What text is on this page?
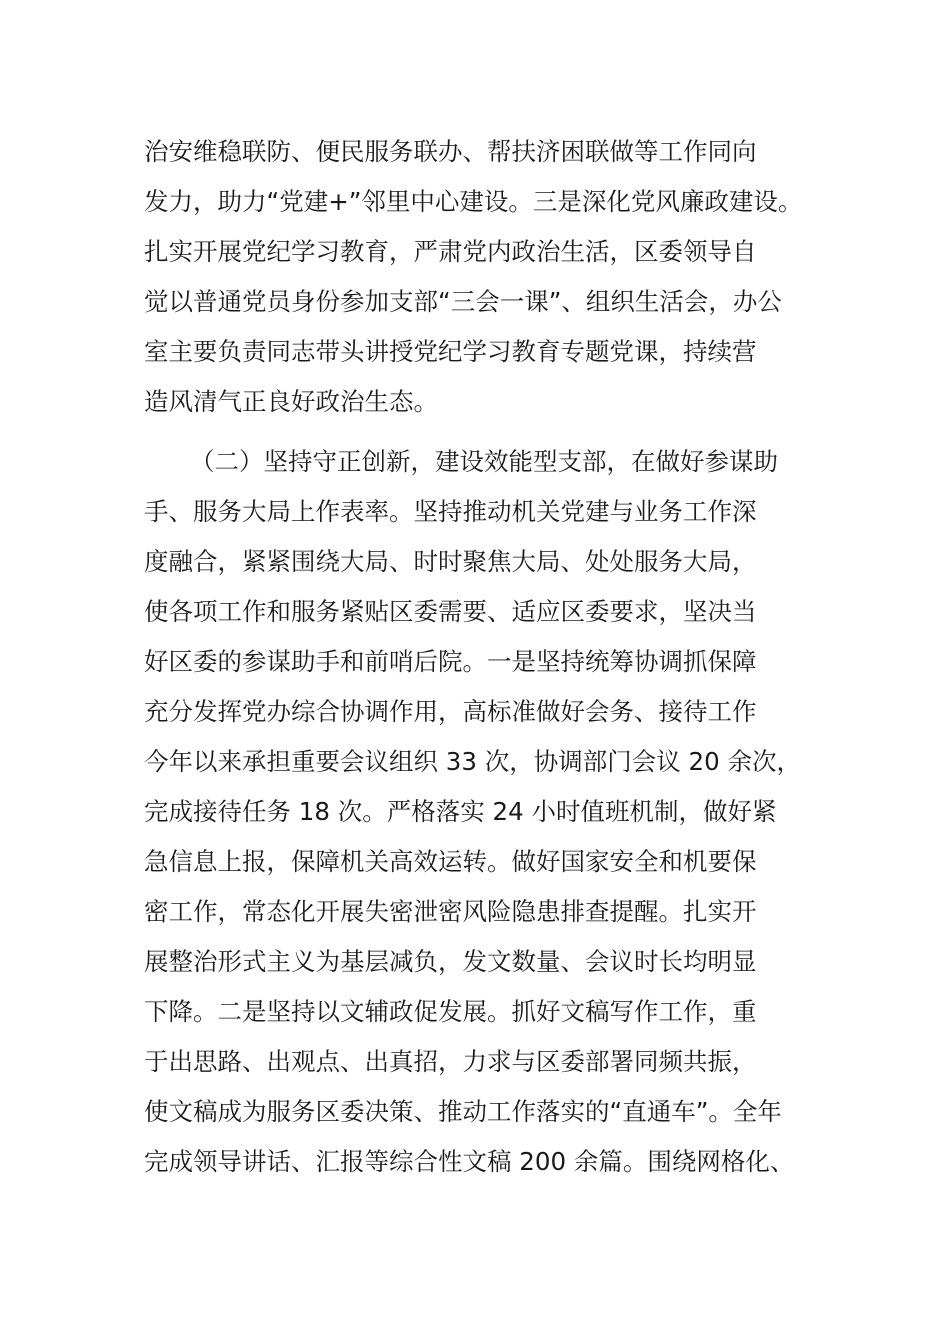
治安维稳联防、便民服务联办、帮扶济困联做等工作同向
发力，助力“党建+”邻里中心建设。三是深化党风廉政建设。
扎实开展党纪学习教育，严肃党内政治生活，区委领导自
觉以普通党员身份参加支部“三会一课”、组织生活会，办公
室主要负责同志带头讲授党纪学习教育专题党课，持续营
造风清气正良好政治生态。

（二）坚持守正创新，建设效能型支部，在做好参谋助
手、服务大局上作表率。坚持推动机关党建与业务工作深
度融合，紧紧围绕大局、时时聚焦大局、处处服务大局，
使各项工作和服务紧贴区委需要、适应区委要求，坚决当
好区委的参谋助手和前哨后院。一是坚持统筹协调抓保障
充分发挥党办综合协调作用，高标准做好会务、接待工作
今年以来承担重要会议组织 33 次，协调部门会议 20 余次，
完成接待任务 18 次。严格落实 24 小时值班机制，做好紧
急信息上报，保障机关高效运转。做好国家安全和机要保
密工作，常态化开展失密泄密风险隐患排查提醒。扎实开
展整治形式主义为基层减负，发文数量、会议时长均明显
下降。二是坚持以文辅政促发展。抓好文稿写作工作，重
于出思路、出观点、出真招，力求与区委部署同频共振，
使文稿成为服务区委决策、推动工作落实的“直通车”。全年
完成领导讲话、汇报等综合性文稿 200 余篇。围绕网格化、
